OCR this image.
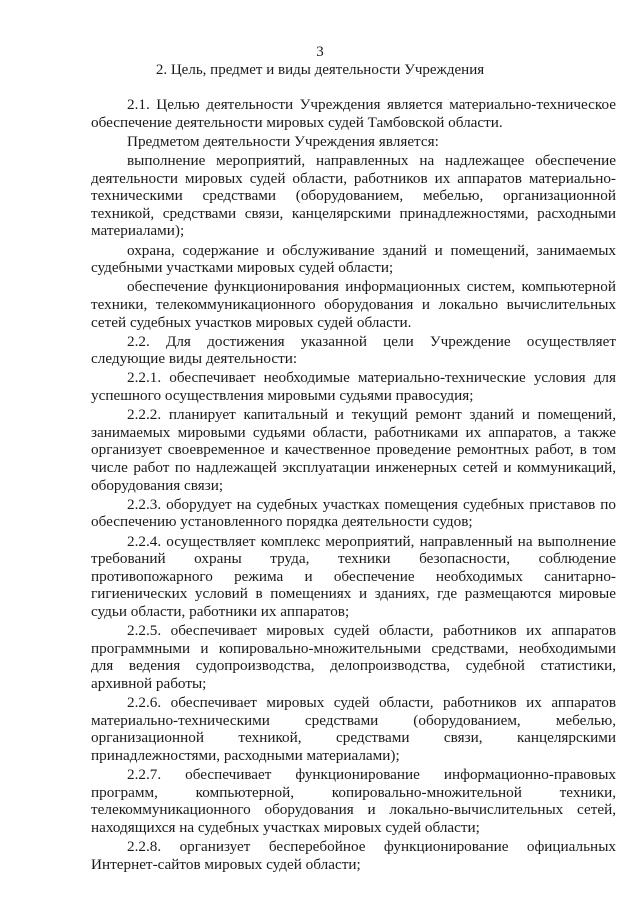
3
2. Цель, предмет и виды деятельности Учреждения

2.1. Целью деятельности Учреждения является материально-техническое обеспечение деятельности мировых судей Тамбовской области.

Предметом деятельности Учреждения является:

выполнение мероприятий, направленных на надлежащее обеспечение деятельности мировых судей области, работников их аппаратов материально-техническими средствами (оборудованием, мебелью, организационной техникой, средствами связи, канцелярскими принадлежностями, расходными материалами);

охрана, содержание и обслуживание зданий и помещений, занимаемых судебными участками мировых судей области;

обеспечение функционирования информационных систем, компьютерной техники, телекоммуникационного оборудования и локально вычислительных сетей судебных участков мировых судей области.

2.2. Для достижения указанной цели Учреждение осуществляет следующие виды деятельности:

2.2.1. обеспечивает необходимые материально-технические условия для успешного осуществления мировыми судьями правосудия;

2.2.2. планирует капитальный и текущий ремонт зданий и помещений, занимаемых мировыми судьями области, работниками их аппаратов, а также организует своевременное и качественное проведение ремонтных работ, в том числе работ по надлежащей эксплуатации инженерных сетей и коммуникаций, оборудования связи;

2.2.3. оборудует на судебных участках помещения судебных приставов по обеспечению установленного порядка деятельности судов;

2.2.4. осуществляет комплекс мероприятий, направленный на выполнение требований охраны труда, техники безопасности, соблюдение противопожарного режима и обеспечение необходимых санитарно-гигиенических условий в помещениях и зданиях, где размещаются мировые судьи области, работники их аппаратов;

2.2.5. обеспечивает мировых судей области, работников их аппаратов программными и копировально-множительными средствами, необходимыми для ведения судопроизводства, делопроизводства, судебной статистики, архивной работы;

2.2.6. обеспечивает мировых судей области, работников их аппаратов материально-техническими средствами (оборудованием, мебелью, организационной техникой, средствами связи, канцелярскими принадлежностями, расходными материалами);

2.2.7. обеспечивает функционирование информационно-правовых программ, компьютерной, копировально-множительной техники, телекоммуникационного оборудования и локально-вычислительных сетей, находящихся на судебных участках мировых судей области;

2.2.8. организует бесперебойное функционирование официальных Интернет-сайтов мировых судей области;
